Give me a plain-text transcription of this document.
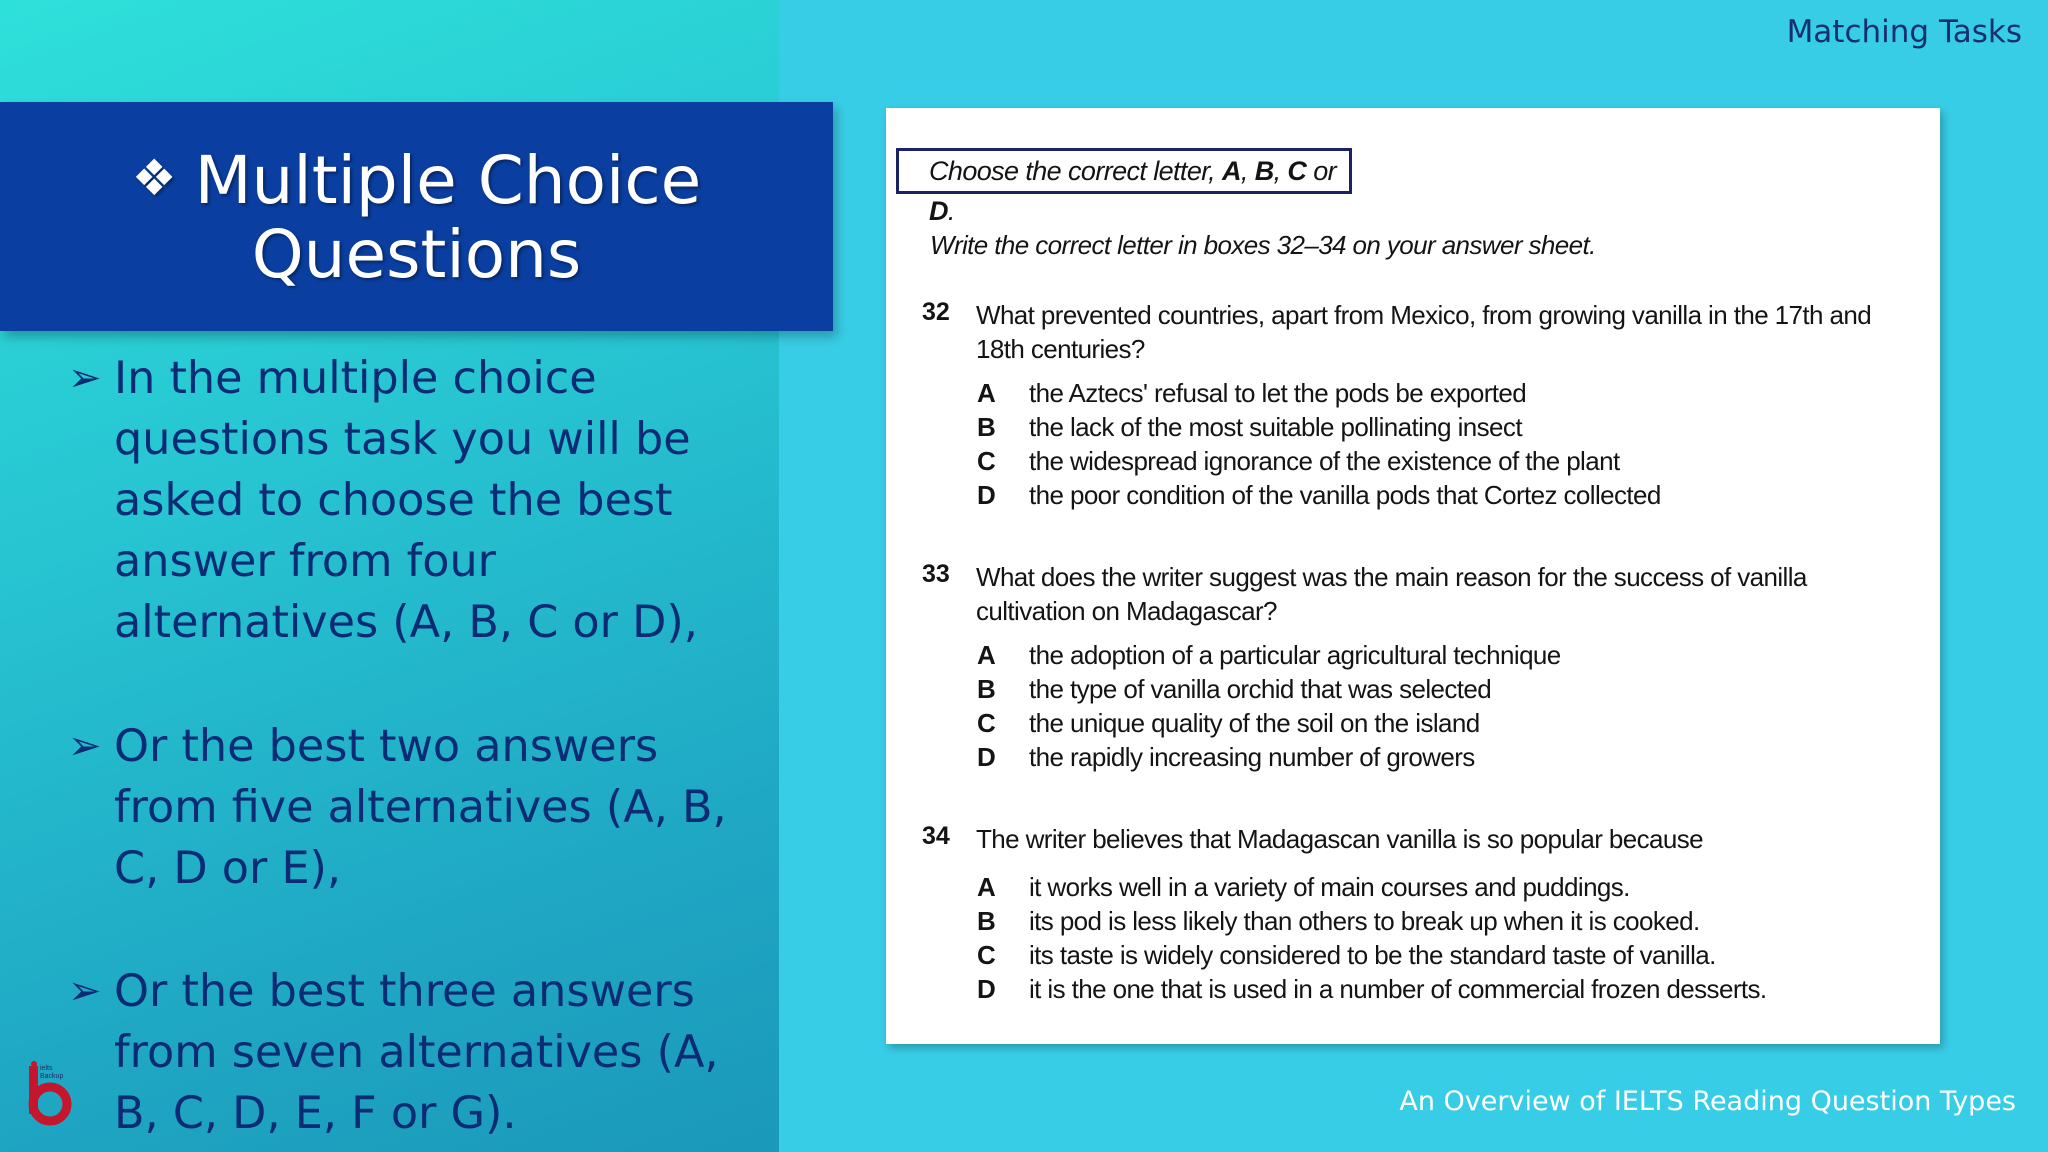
❖ Multiple Choice
Questions
➢ In the multiple choice questions task you will be asked to choose the best answer from four alternatives (A, B, C or D),
➢ Or the best two answers from five alternatives (A, B, C, D or E),
➢ Or the best three answers from seven alternatives (A, B, C, D, E, F or G).
Matching Tasks
ielts
Backup
An Overview of IELTS Reading Question Types
Choose the correct letter, A, B, C or D.
Write the correct letter in boxes 32–34 on your answer sheet.
32 What prevented countries, apart from Mexico, from growing vanilla in the 17th and 18th centuries?
A the Aztecs' refusal to let the pods be exported
B the lack of the most suitable pollinating insect
C the widespread ignorance of the existence of the plant
D the poor condition of the vanilla pods that Cortez collected
33 What does the writer suggest was the main reason for the success of vanilla cultivation on Madagascar?
A the adoption of a particular agricultural technique
B the type of vanilla orchid that was selected
C the unique quality of the soil on the island
D the rapidly increasing number of growers
34 The writer believes that Madagascan vanilla is so popular because
A it works well in a variety of main courses and puddings.
B its pod is less likely than others to break up when it is cooked.
C its taste is widely considered to be the standard taste of vanilla.
D it is the one that is used in a number of commercial frozen desserts.
